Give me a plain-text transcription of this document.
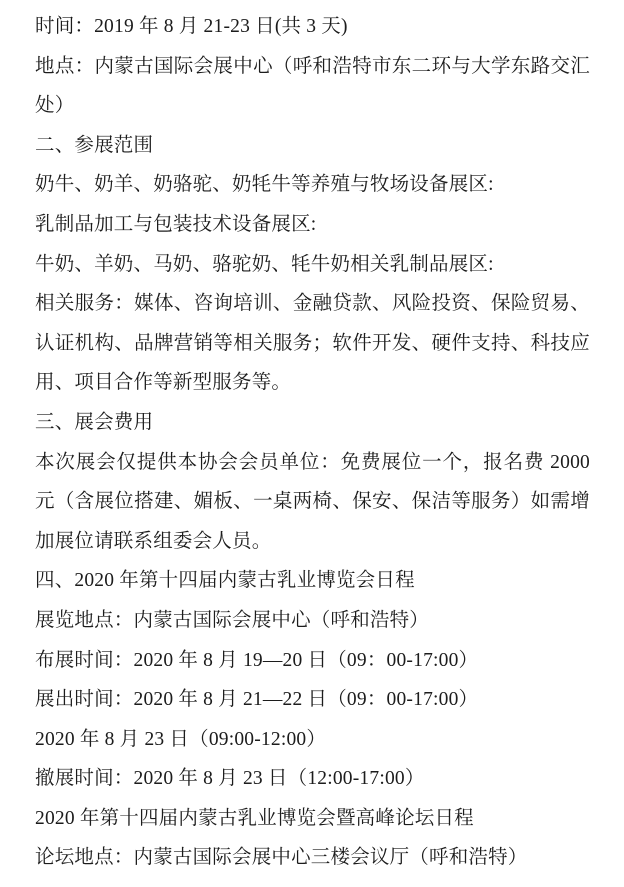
时间：2019 年 8 月 21-23 日(共 3 天)
地点：内蒙古国际会展中心（呼和浩特市东二环与大学东路交汇
处）
二、参展范围
奶牛、奶羊、奶骆驼、奶牦牛等养殖与牧场设备展区:
乳制品加工与包装技术设备展区:
牛奶、羊奶、马奶、骆驼奶、牦牛奶相关乳制品展区:
相关服务：媒体、咨询培训、金融贷款、风险投资、保险贸易、
认证机构、品牌营销等相关服务；软件开发、硬件支持、科技应
用、项目合作等新型服务等。
三、展会费用
本次展会仅提供本协会会员单位：免费展位一个，报名费 2000
元（含展位搭建、媚板、一桌两椅、保安、保洁等服务）如需增
加展位请联系组委会人员。
四、2020 年第十四届内蒙古乳业博览会日程
展览地点：内蒙古国际会展中心（呼和浩特）
布展时间：2020 年 8 月 19—20 日（09：00-17:00）
展出时间：2020 年 8 月 21—22 日（09：00-17:00）
2020 年 8 月 23 日（09:00-12:00）
撤展时间：2020 年 8 月 23 日（12:00-17:00）
2020 年第十四届内蒙古乳业博览会暨高峰论坛日程
论坛地点：内蒙古国际会展中心三楼会议厅（呼和浩特）
